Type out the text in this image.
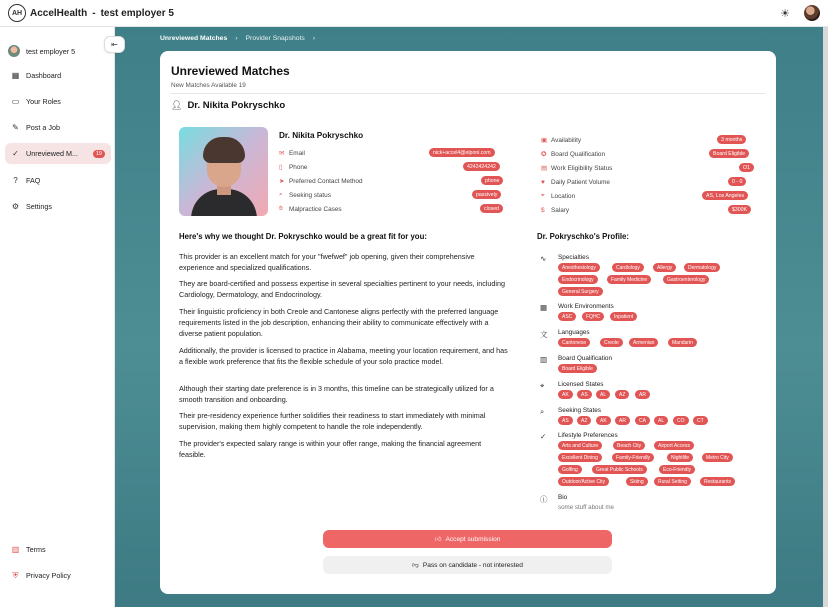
AH AccelHealth - test employer 5	☀
test employer 5
▦ Dashboard
▭ Your Roles
✎ Post a Job
✓ Unreviewed M...	19
?	FAQ
⚙ Settings
▥ Terms
⛨ Privacy Policy
⇤
Unreviewed Matches › Provider Snapshots ›
Unreviewed Matches
New Matches Available 19
👤︎ Dr. Nikita Pokryschko
Dr. Nikita Pokryschko
✉ Email	nick+accel4@elponi.com
▯	Phone	4242424242
➤ Preferred Contact Method	phone
⌕ Seeking status	passively
✋︎ Malpractice Cases	closed
▣ Availability	3 months
✪ Board Qualification	Board Eligible
▤ Work Eligibility Status	O1
♥ Daily Patient Volume	0 - 0
⌖ Location	AS, Los Angeles
$ Salary	$300K
Here's why we thought Dr. Pokryschko would be a great fit for you:

This provider is an excellent match for your "fwefwef" job opening, given their comprehensive experience and specialized qualifications.

They are board-certified and possess expertise in several specialties pertinent to your needs, including Cardiology, Dermatology, and Endocrinology.

Their linguistic proficiency in both Creole and Cantonese aligns perfectly with the preferred language requirements listed in the job description, enhancing their ability to communicate effectively with a diverse patient population.

Additionally, the provider is licensed to practice in Alabama, meeting your location requirement, and has a flexible work preference that fits the flexible schedule of your solo practice model.

Although their starting date preference is in 3 months, this timeline can be strategically utilized for a smooth transition and onboarding.

Their pre-residency experience further solidifies their readiness to start immediately with minimal supervision, making them highly competent to handle the role independently.

The provider's expected salary range is within your offer range, making the financial agreement feasible.

Dr. Pokryschko's Profile:
∿ Specialties
Anesthesiology	Cardiology	Allergy	Dermatology
Endocrinology	Family Medicine	Gastroenterology
General Surgery
▦ Work Environments
ASC	FQHC	Inpatient
文 Languages
Cantonese	Creole	Armenian	Mandarin
▥ Board Qualification
Board Eligible
⌖ Licensed States
AK	AS	AL	AZ	AR
⌕ Seeking States
AS	AZ	AK	AR	CA	AL	CO	CT
✓ Lifestyle Preferences
Arts and Culture	Beach City	Airport Access
Excellent Dining	Family-Friendly	Nightlife	Metro City
Golfing	Great Public Schools	Eco-Friendly
Outdoor/Active City	Skiing	Rural Setting	Restaurants
ⓘ Bio
some stuff about me
👍︎ Accept submission
👎︎ Pass on candidate - not interested
